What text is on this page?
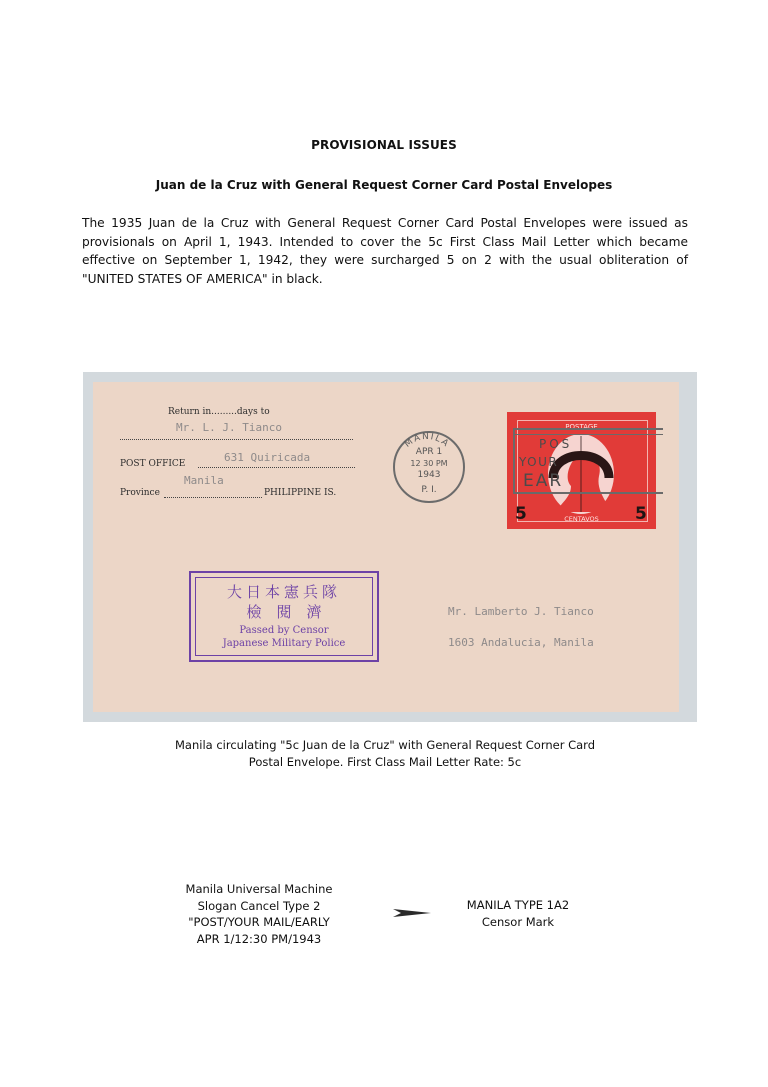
PROVISIONAL ISSUES
Juan de la Cruz with General Request Corner Card Postal Envelopes
The 1935 Juan de la Cruz with General Request Corner Card Postal Envelopes were issued as provisionals on April 1, 1943. Intended to cover the 5c First Class Mail Letter which became effective on September 1, 1942, they were surcharged 5 on 2 with the usual obliteration of "UNITED STATES OF AMERICA" in black.
Return in.........days to
Mr. L. J. Tianco
POST OFFICE	631 Quiricada
Manila
Province	PHILIPPINE IS.
MANILA
APR 1
12 30 PM
1943
P. I.
POSTAGE
CENTAVOS	5
5
POS
YOUR
EAR
大日本憲兵隊
檢　閱　濟
Passed by Censor
Japanese Military Police
Mr. Lamberto J. Tianco
1603 Andalucia, Manila
Manila circulating "5c Juan de la Cruz" with General Request Corner Card
Postal Envelope. First Class Mail Letter Rate: 5c
Manila Universal Machine
Slogan Cancel Type 2
"POST/YOUR MAIL/EARLY
APR 1/12:30 PM/1943
MANILA TYPE 1A2
Censor Mark
